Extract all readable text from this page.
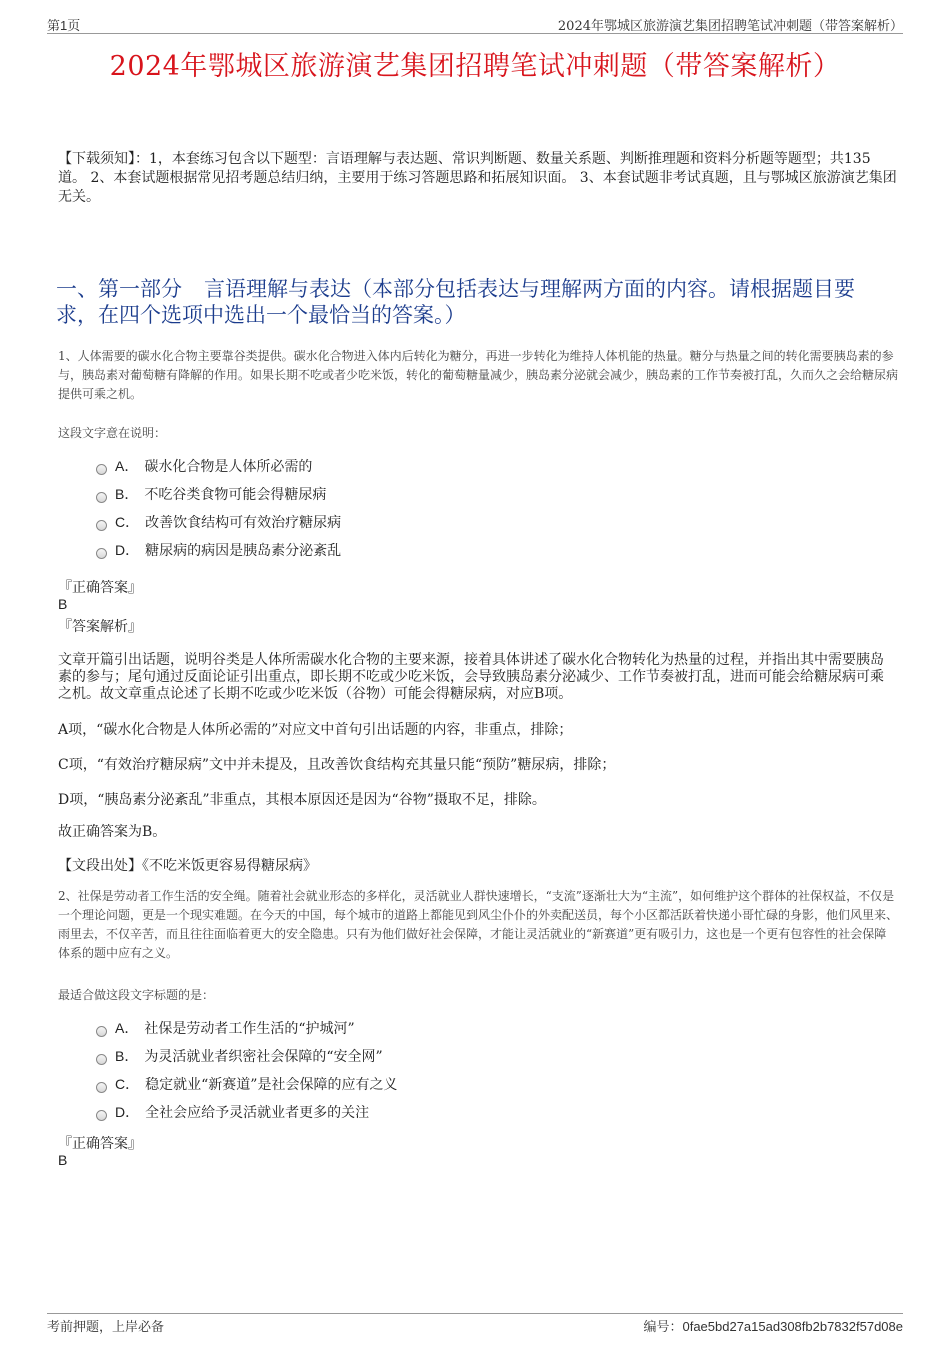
第1页	2024年鄂城区旅游演艺集团招聘笔试冲刺题（带答案解析）
2024年鄂城区旅游演艺集团招聘笔试冲刺题（带答案解析）
【下载须知】：1，本套练习包含以下题型：言语理解与表达题、常识判断题、数量关系题、判断推理题和资料分析题等题型；共135道。 2、本套试题根据常见招考题总结归纳，主要用于练习答题思路和拓展知识面。 3、本套试题非考试真题，且与鄂城区旅游演艺集团无关。
一、第一部分 言语理解与表达（本部分包括表达与理解两方面的内容。请根据题目要求，在四个选项中选出一个最恰当的答案。）
1、人体需要的碳水化合物主要靠谷类提供。碳水化合物进入体内后转化为糖分，再进一步转化为维持人体机能的热量。糖分与热量之间的转化需要胰岛素的参与，胰岛素对葡萄糖有降解的作用。如果长期不吃或者少吃米饭，转化的葡萄糖量减少，胰岛素分泌就会减少，胰岛素的工作节奏被打乱，久而久之会给糖尿病提供可乘之机。
这段文字意在说明：
A． 碳水化合物是人体所必需的
B． 不吃谷类食物可能会得糖尿病
C． 改善饮食结构可有效治疗糖尿病
D． 糖尿病的病因是胰岛素分泌紊乱
『正确答案』
B
『答案解析』
文章开篇引出话题，说明谷类是人体所需碳水化合物的主要来源，接着具体讲述了碳水化合物转化为热量的过程，并指出其中需要胰岛素的参与；尾句通过反面论证引出重点，即长期不吃或少吃米饭，会导致胰岛素分泌减少、工作节奏被打乱，进而可能会给糖尿病可乘之机。故文章重点论述了长期不吃或少吃米饭（谷物）可能会得糖尿病，对应B项。
A项，“碳水化合物是人体所必需的”对应文中首句引出话题的内容，非重点，排除；
C项，“有效治疗糖尿病”文中并未提及，且改善饮食结构充其量只能“预防”糖尿病，排除；
D项，“胰岛素分泌紊乱”非重点，其根本原因还是因为“谷物”摄取不足，排除。
故正确答案为B。
【文段出处】《不吃米饭更容易得糖尿病》
2、社保是劳动者工作生活的安全绳。随着社会就业形态的多样化，灵活就业人群快速增长，“支流”逐渐壮大为“主流”，如何维护这个群体的社保权益，不仅是一个理论问题，更是一个现实难题。在今天的中国，每个城市的道路上都能见到风尘仆仆的外卖配送员，每个小区都活跃着快递小哥忙碌的身影，他们风里来、雨里去，不仅辛苦，而且往往面临着更大的安全隐患。只有为他们做好社会保障，才能让灵活就业的“新赛道”更有吸引力，这也是一个更有包容性的社会保障体系的题中应有之义。
最适合做这段文字标题的是：
A． 社保是劳动者工作生活的“护城河”
B． 为灵活就业者织密社会保障的“安全网”
C． 稳定就业“新赛道”是社会保障的应有之义
D． 全社会应给予灵活就业者更多的关注
『正确答案』
B
考前押题，上岸必备	编号：0fae5bd27a15ad308fb2b7832f57d08e
